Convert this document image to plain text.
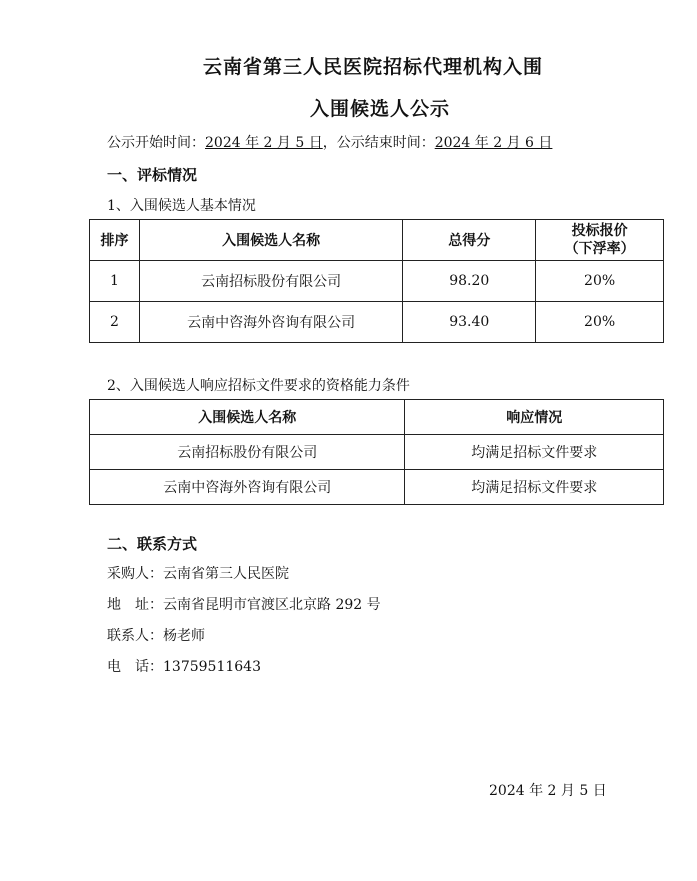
云南省第三人民医院招标代理机构入围
入围候选人公示
公示开始时间：2024 年 2 月 5 日，公示结束时间：2024 年 2 月 6 日
一、评标情况
1、入围候选人基本情况
排序	入围候选人名称	总得分	投标报价
（下浮率）

1	云南招标股份有限公司	98.20	20%
2	云南中咨海外咨询有限公司	93.40	20%
2、入围候选人响应招标文件要求的资格能力条件
入围候选人名称	响应情况
云南招标股份有限公司	均满足招标文件要求
云南中咨海外咨询有限公司	均满足招标文件要求
二、联系方式
采购人：云南省第三人民医院
地　址：云南省昆明市官渡区北京路 292 号
联系人：杨老师
电　话：13759511643
2024 年 2 月 5 日
